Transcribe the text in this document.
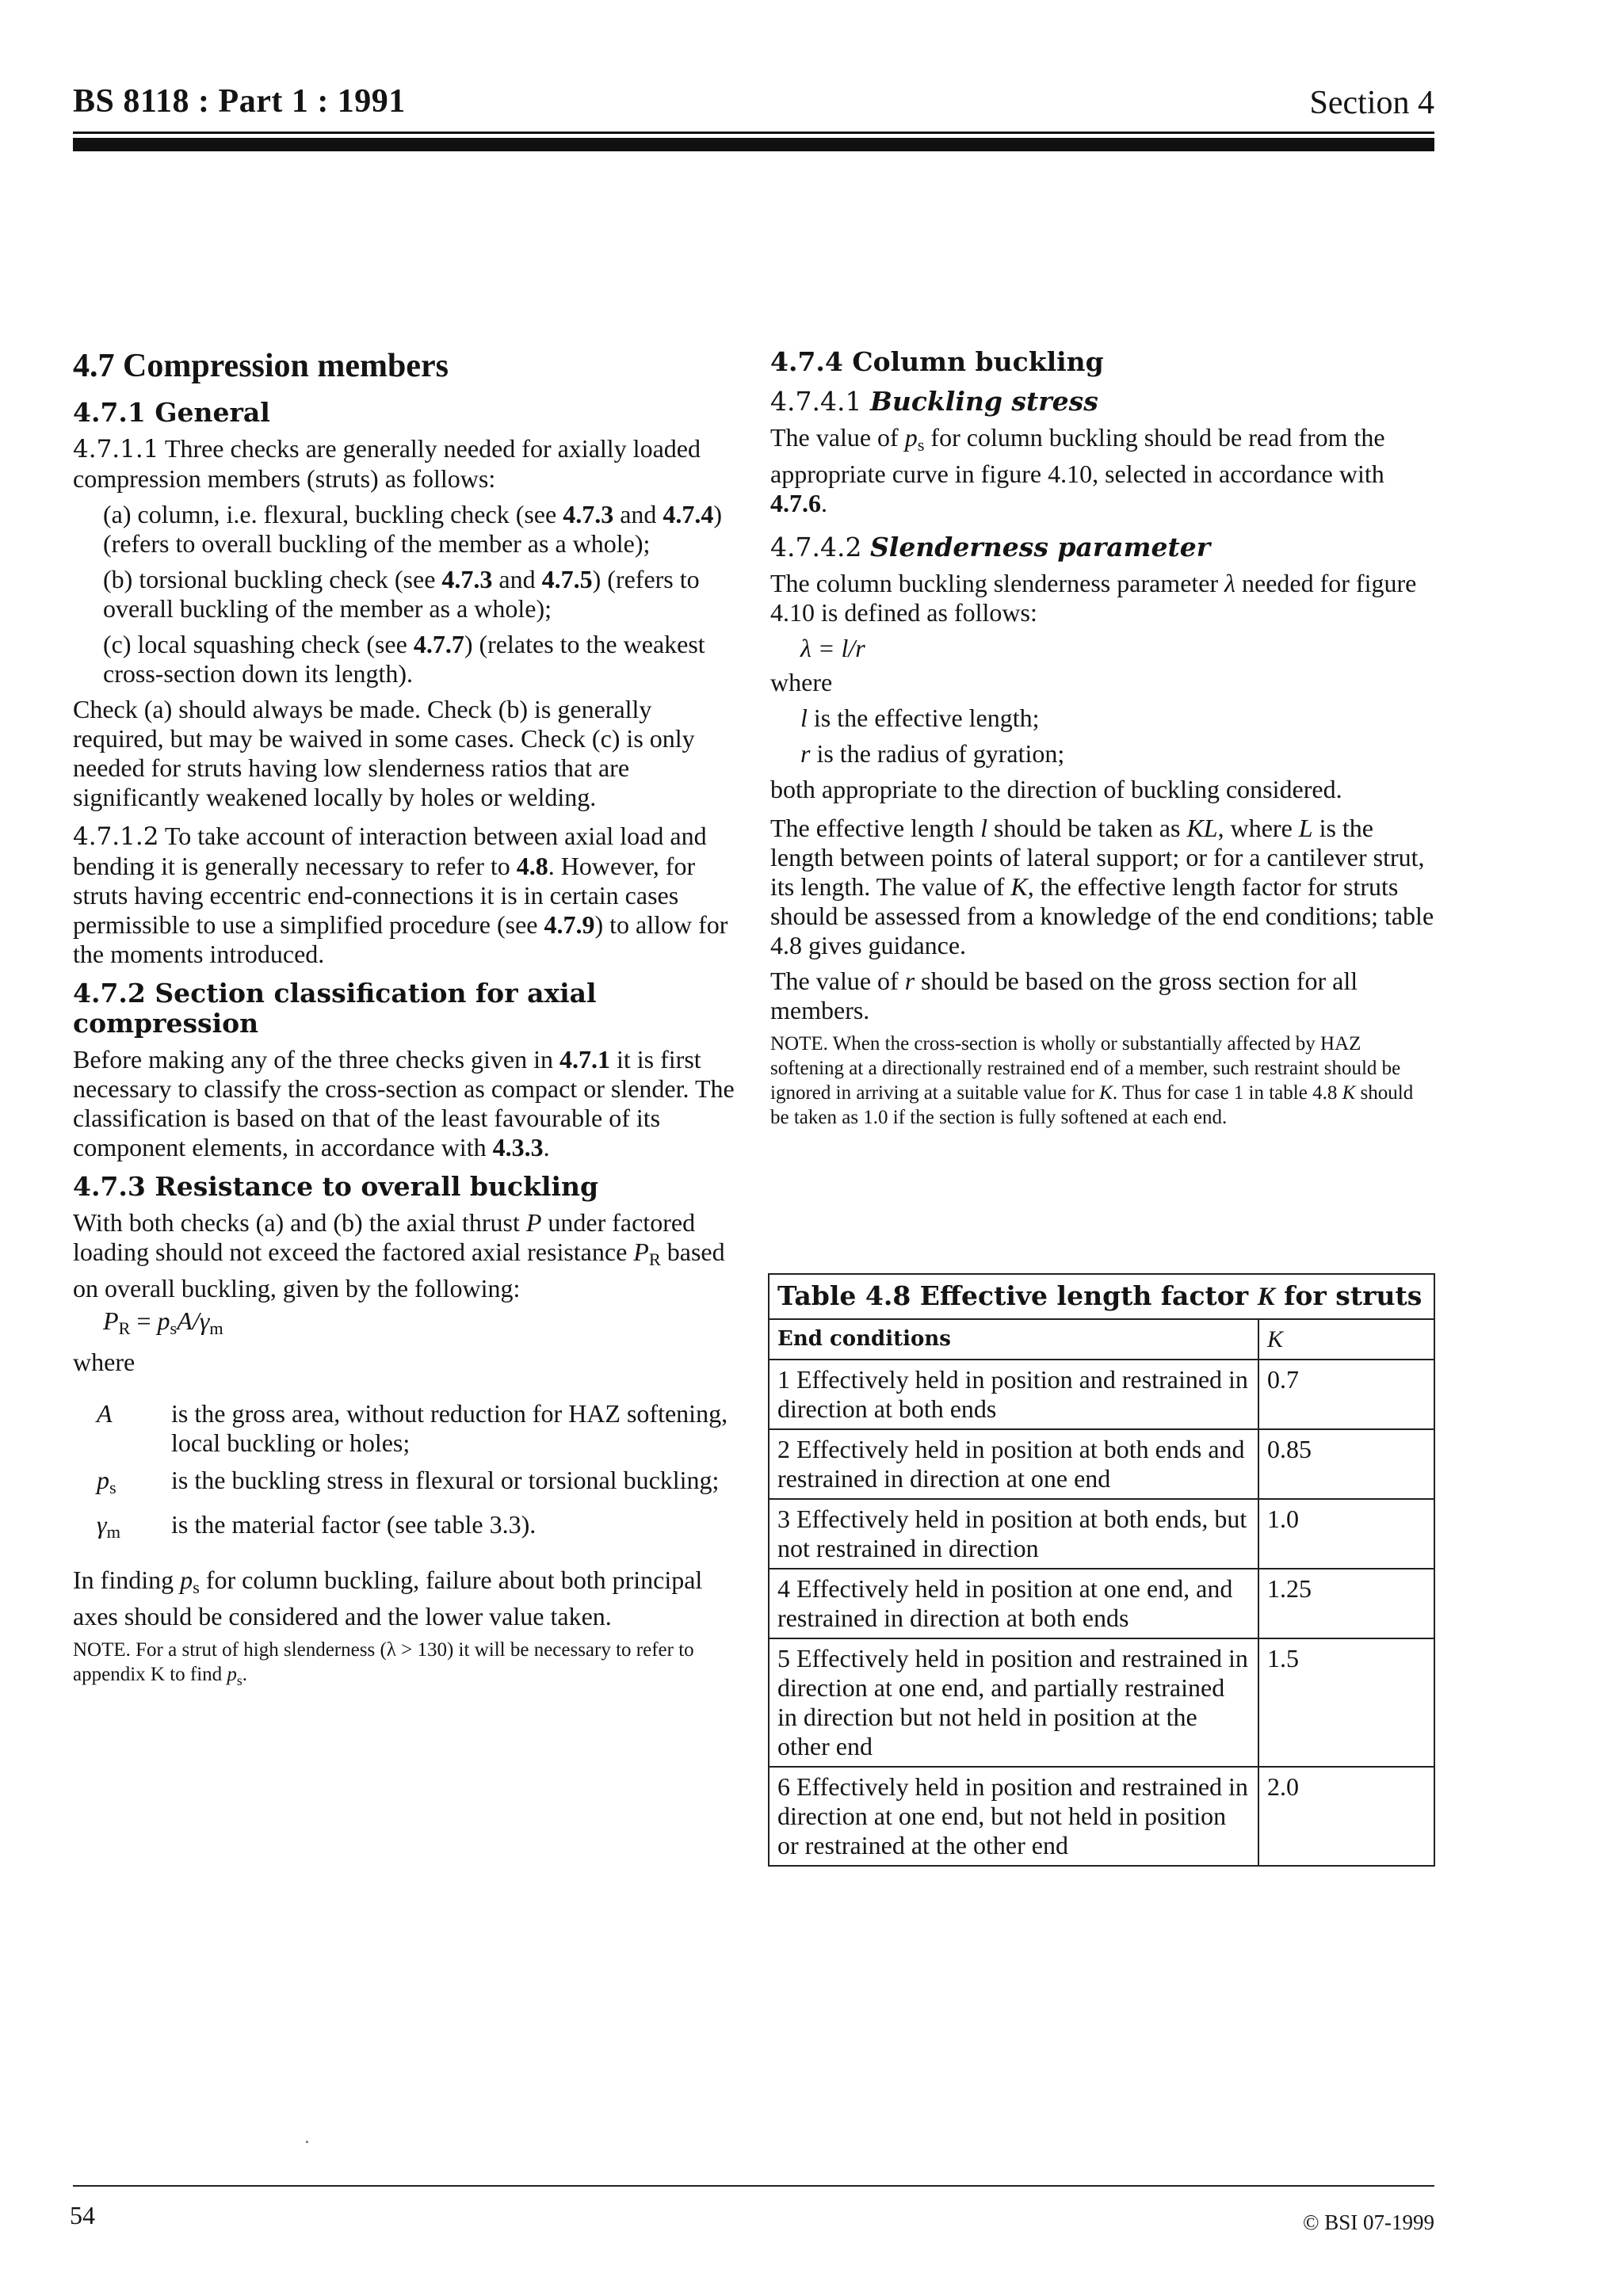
BS 8118 : Part 1 : 1991	Section 4
4.7 Compression members
4.7.1 General

4.7.1.1 Three checks are generally needed for axially loaded compression members (struts) as follows:

(a) column, i.e. flexural, buckling check (see 4.7.3 and 4.7.4) (refers to overall buckling of the member as a whole);

(b) torsional buckling check (see 4.7.3 and 4.7.5) (refers to overall buckling of the member as a whole);

(c) local squashing check (see 4.7.7) (relates to the weakest cross-section down its length).

Check (a) should always be made. Check (b) is generally required, but may be waived in some cases. Check (c) is only needed for struts having low slenderness ratios that are significantly weakened locally by holes or welding.

4.7.1.2 To take account of interaction between axial load and bending it is generally necessary to refer to 4.8. However, for struts having eccentric end-connections it is in certain cases permissible to use a simplified procedure (see 4.7.9) to allow for the moments introduced.

4.7.2 Section classification for axial compression

Before making any of the three checks given in 4.7.1 it is first necessary to classify the cross-section as compact or slender. The classification is based on that of the least favourable of its component elements, in accordance with 4.3.3.

4.7.3 Resistance to overall buckling

With both checks (a) and (b) the axial thrust P under factored loading should not exceed the factored axial resistance $P_R$ based on overall buckling, given by the following:

$P_R = p_sA/\gamma_m$

where

A	is the gross area, without reduction for HAZ softening, local buckling or holes;
$p_s$	is the buckling stress in flexural or torsional buckling;
$\gamma_m$	is the material factor (see table 3.3).

In finding $p_s$ for column buckling, failure about both principal axes should be considered and the lower value taken.

NOTE. For a strut of high slenderness (λ > 130) it will be necessary to refer to appendix K to find $p_s$.

4.7.4 Column buckling
4.7.4.1 Buckling stress

The value of $p_s$ for column buckling should be read from the appropriate curve in figure 4.10, selected in accordance with 4.7.6.

4.7.4.2 Slenderness parameter

The column buckling slenderness parameter λ needed for figure 4.10 is defined as follows:

λ = l/r

where

l is the effective length;

r is the radius of gyration;

both appropriate to the direction of buckling considered.

The effective length l should be taken as KL, where L is the length between points of lateral support; or for a cantilever strut, its length. The value of K, the effective length factor for struts should be assessed from a knowledge of the end conditions; table 4.8 gives guidance.

The value of r should be based on the gross section for all members.

NOTE. When the cross-section is wholly or substantially affected by HAZ softening at a directionally restrained end of a member, such restraint should be ignored in arriving at a suitable value for K. Thus for case 1 in table 4.8 K should be taken as 1.0 if the section is fully softened at each end.

Table 4.8 Effective length factor K for struts
End conditions	K
1 Effectively held in position and restrained in direction at both ends	0.7
2 Effectively held in position at both ends and restrained in direction at one end	0.85
3 Effectively held in position at both ends, but not restrained in direction	1.0
4 Effectively held in position at one end, and restrained in direction at both ends	1.25
5 Effectively held in position and restrained in direction at one end, and partially restrained in direction but not held in position at the other end	1.5
6 Effectively held in position and restrained in direction at one end, but not held in position or restrained at the other end	2.0
54	© BSI 07-1999
